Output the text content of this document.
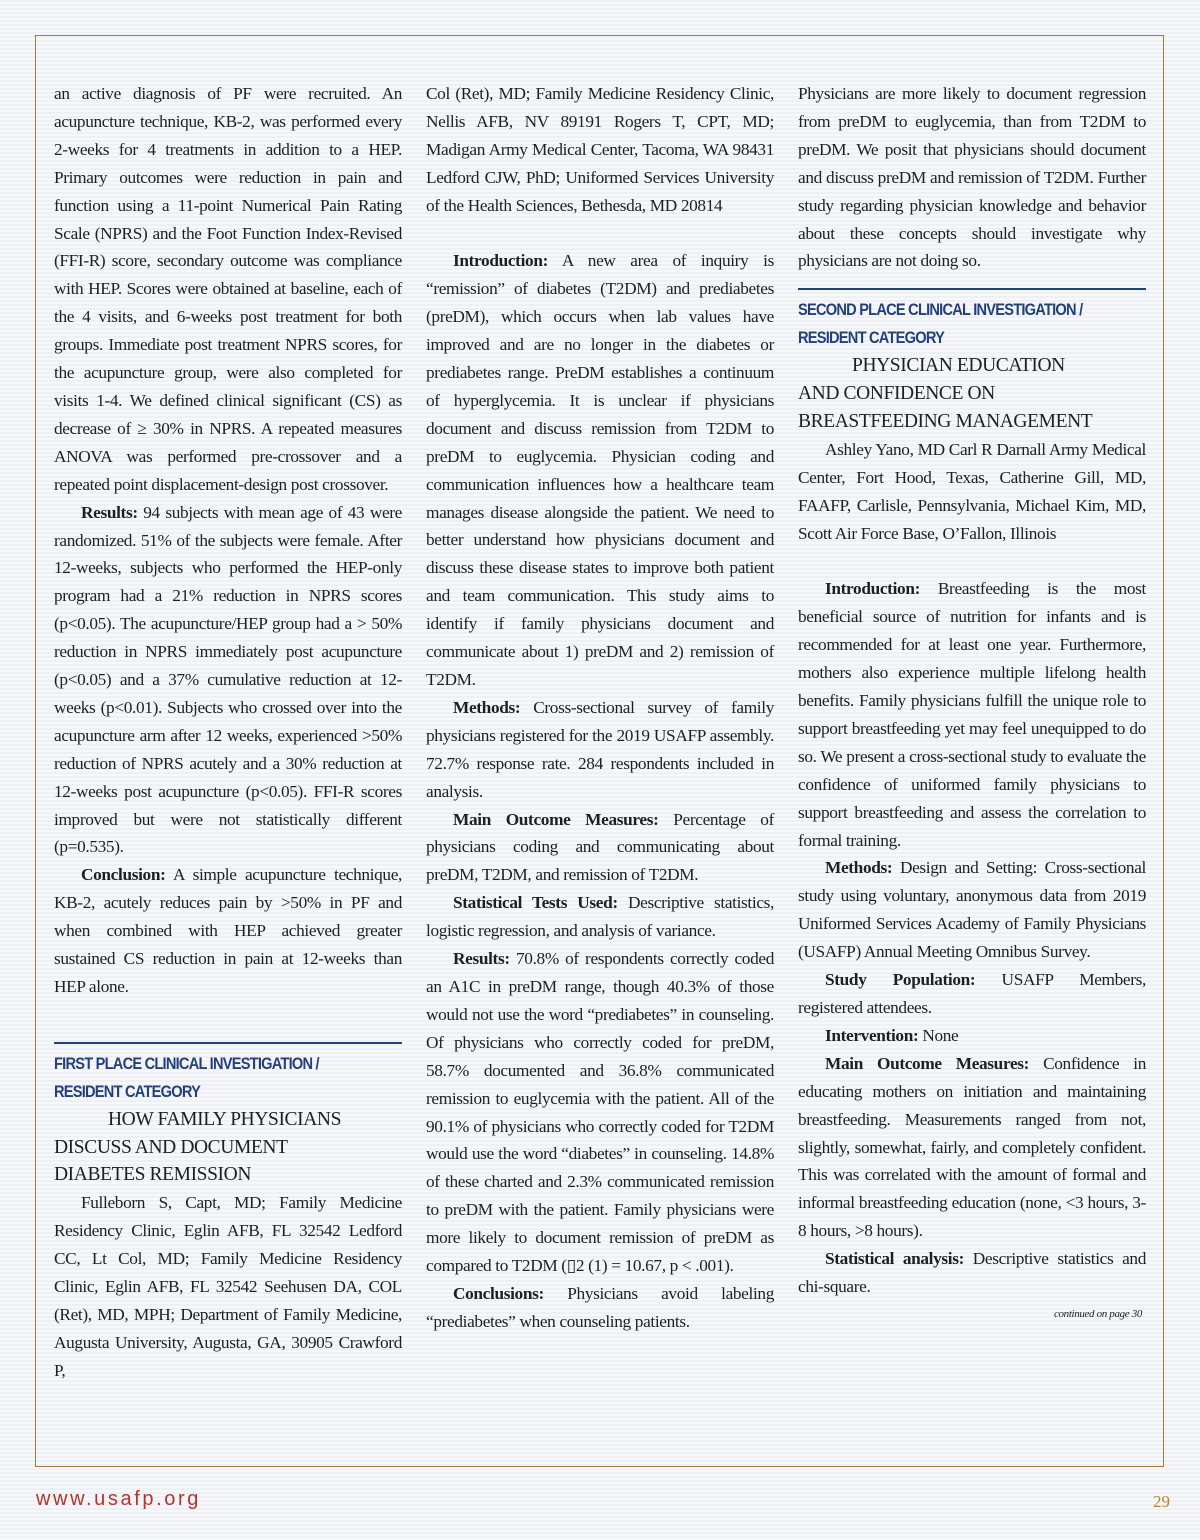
an active diagnosis of PF were recruited. An acupuncture technique, KB-2, was performed every 2-weeks for 4 treatments in addition to a HEP. Primary outcomes were reduction in pain and function using a 11-point Numerical Pain Rating Scale (NPRS) and the Foot Function Index-Revised (FFI-R) score, secondary outcome was compliance with HEP. Scores were obtained at baseline, each of the 4 visits, and 6-weeks post treatment for both groups. Immediate post treatment NPRS scores, for the acupuncture group, were also completed for visits 1-4. We defined clinical significant (CS) as decrease of ≥ 30% in NPRS. A repeated measures ANOVA was performed pre-crossover and a repeated point displacement-design post crossover.

Results: 94 subjects with mean age of 43 were randomized. 51% of the subjects were female. After 12-weeks, subjects who performed the HEP-only program had a 21% reduction in NPRS scores (p<0.05). The acupuncture/HEP group had a > 50% reduction in NPRS immediately post acupuncture (p<0.05) and a 37% cumulative reduction at 12-weeks (p<0.01). Subjects who crossed over into the acupuncture arm after 12 weeks, experienced >50% reduction of NPRS acutely and a 30% reduction at 12-weeks post acupuncture (p<0.05). FFI-R scores improved but were not statistically different (p=0.535).

Conclusion: A simple acupuncture technique, KB-2, acutely reduces pain by >50% in PF and when combined with HEP achieved greater sustained CS reduction in pain at 12-weeks than HEP alone.

FIRST PLACE CLINICAL INVESTIGATION /
RESIDENT CATEGORY

HOW FAMILY PHYSICIANS

DISCUSS AND DOCUMENT

DIABETES REMISSION

Fulleborn S, Capt, MD; Family Medicine Residency Clinic, Eglin AFB, FL 32542 Ledford CC, Lt Col, MD; Family Medicine Residency Clinic, Eglin AFB, FL 32542 Seehusen DA, COL (Ret), MD, MPH; Department of Family Medicine, Augusta University, Augusta, GA, 30905 Crawford P,

Col (Ret), MD; Family Medicine Residency Clinic, Nellis AFB, NV 89191 Rogers T, CPT, MD; Madigan Army Medical Center, Tacoma, WA 98431 Ledford CJW, PhD; Uniformed Services University of the Health Sciences, Bethesda, MD 20814

Introduction: A new area of inquiry is “remission” of diabetes (T2DM) and prediabetes (preDM), which occurs when lab values have improved and are no longer in the diabetes or prediabetes range. PreDM establishes a continuum of hyperglycemia. It is unclear if physicians document and discuss remission from T2DM to preDM to euglycemia. Physician coding and communication influences how a healthcare team manages disease alongside the patient. We need to better understand how physicians document and discuss these disease states to improve both patient and team communication. This study aims to identify if family physicians document and communicate about 1) preDM and 2) remission of T2DM.

Methods: Cross-sectional survey of family physicians registered for the 2019 USAFP assembly. 72.7% response rate. 284 respondents included in analysis.

Main Outcome Measures: Percentage of physicians coding and communicating about preDM, T2DM, and remission of T2DM.

Statistical Tests Used: Descriptive statistics, logistic regression, and analysis of variance.

Results: 70.8% of respondents correctly coded an A1C in preDM range, though 40.3% of those would not use the word “prediabetes” in counseling. Of physicians who correctly coded for preDM, 58.7% documented and 36.8% communicated remission to euglycemia with the patient. All of the 90.1% of physicians who correctly coded for T2DM would use the word “diabetes” in counseling. 14.8% of these charted and 2.3% communicated remission to preDM with the patient. Family physicians were more likely to document remission of preDM as compared to T2DM (▯2 (1) = 10.67, p < .001).

Conclusions: Physicians avoid labeling “prediabetes” when counseling patients.

Physicians are more likely to document regression from preDM to euglycemia, than from T2DM to preDM. We posit that physicians should document and discuss preDM and remission of T2DM. Further study regarding physician knowledge and behavior about these concepts should investigate why physicians are not doing so.

SECOND PLACE CLINICAL INVESTIGATION /
RESIDENT CATEGORY

PHYSICIAN EDUCATION

AND CONFIDENCE ON

BREASTFEEDING MANAGEMENT

Ashley Yano, MD Carl R Darnall Army Medical Center, Fort Hood, Texas, Catherine Gill, MD, FAAFP, Carlisle, Pennsylvania, Michael Kim, MD, Scott Air Force Base, O’Fallon, Illinois

Introduction: Breastfeeding is the most beneficial source of nutrition for infants and is recommended for at least one year. Furthermore, mothers also experience multiple lifelong health benefits. Family physicians fulfill the unique role to support breastfeeding yet may feel unequipped to do so. We present a cross-sectional study to evaluate the confidence of uniformed family physicians to support breastfeeding and assess the correlation to formal training.

Methods: Design and Setting: Cross-sectional study using voluntary, anonymous data from 2019 Uniformed Services Academy of Family Physicians (USAFP) Annual Meeting Omnibus Survey.

Study Population: USAFP Members, registered attendees.

Intervention: None

Main Outcome Measures: Confidence in educating mothers on initiation and maintaining breastfeeding. Measurements ranged from not, slightly, somewhat, fairly, and completely confident. This was correlated with the amount of formal and informal breastfeeding education (none, <3 hours, 3-8 hours, >8 hours).

Statistical analysis: Descriptive statistics and chi-square.

continued on page 30
www.usafp.org	29
